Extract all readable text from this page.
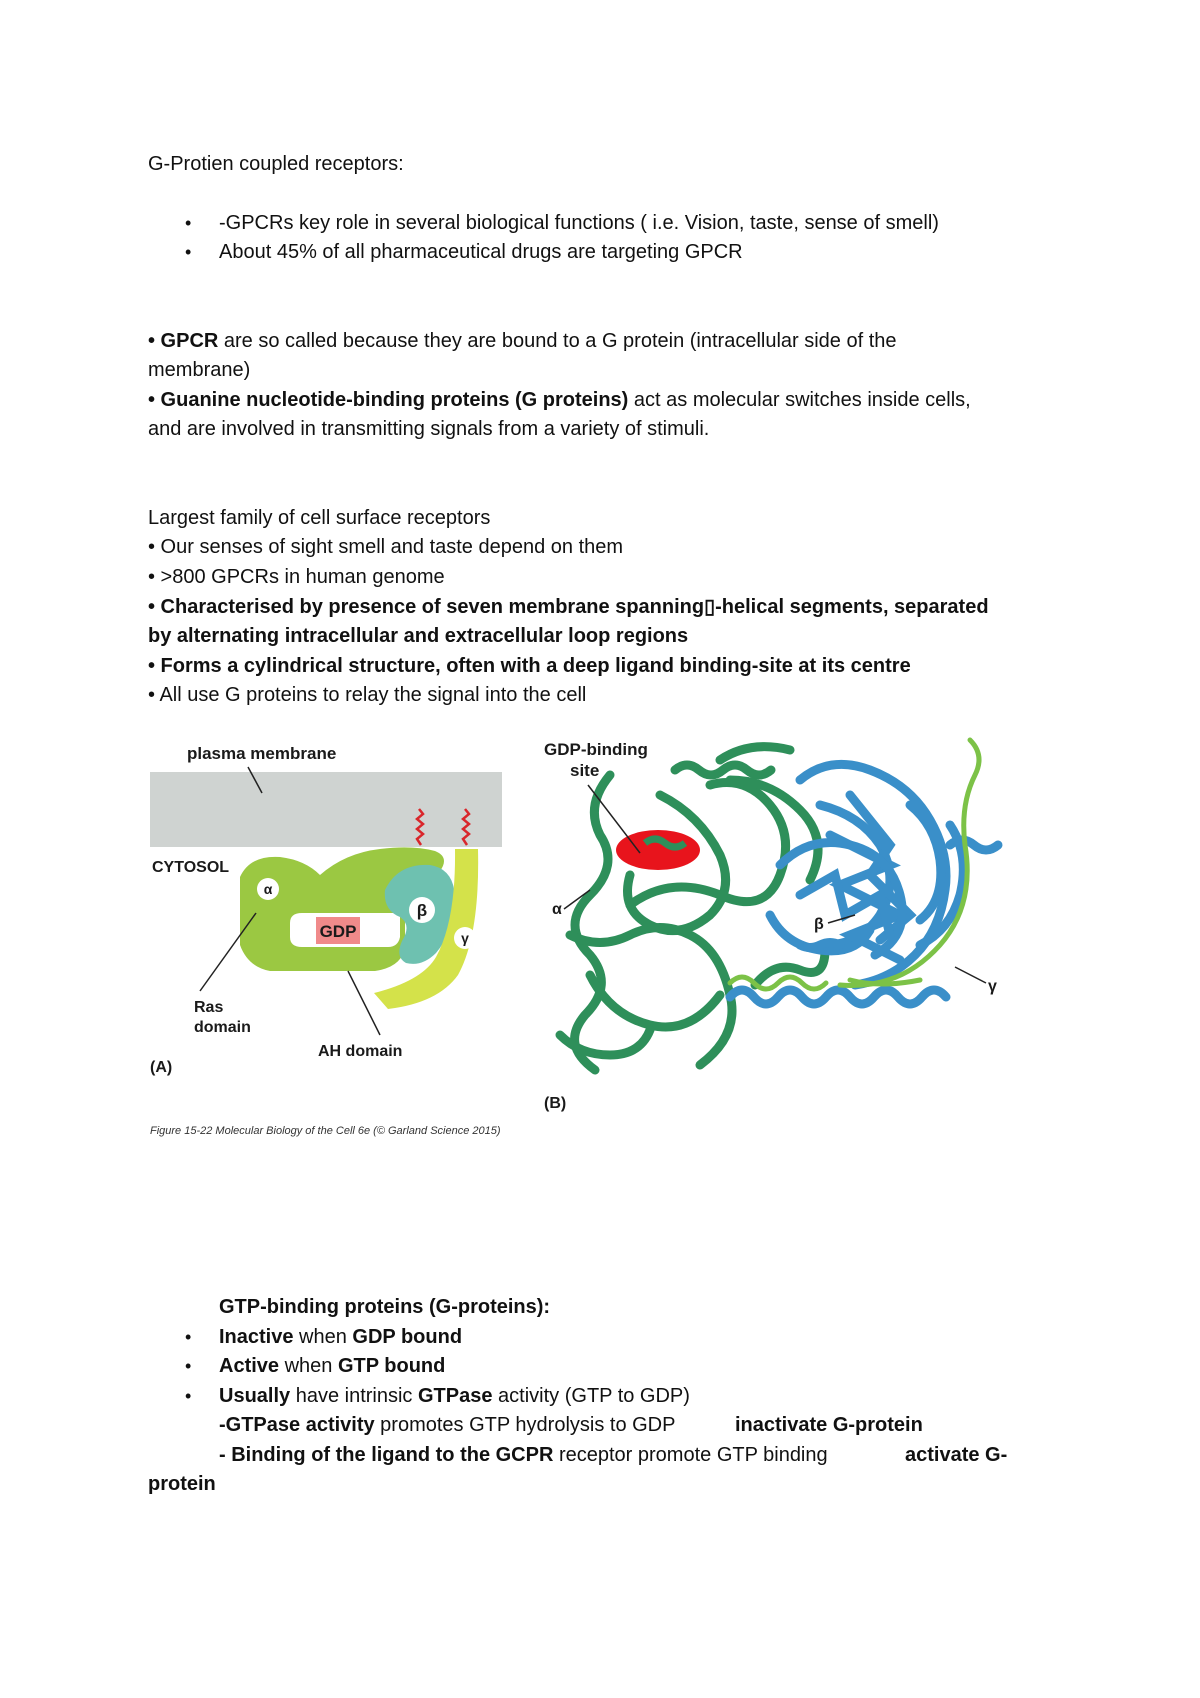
G-Protien coupled receptors:
• -GPCRs key role in several biological functions ( i.e. Vision, taste, sense of smell)
• About 45% of all pharmaceutical drugs are targeting GPCR
• GPCR are so called because they are bound to a G protein (intracellular side of the
membrane)
• Guanine nucleotide-binding proteins (G proteins) act as molecular switches inside cells,
and are involved in transmitting signals from a variety of stimuli.
Largest family of cell surface receptors
• Our senses of sight smell and taste depend on them
• >800 GPCRs in human genome
• Characterised by presence of seven membrane spanning▯-helical segments, separated
by alternating intracellular and extracellular loop regions
• Forms a cylindrical structure, often with a deep ligand binding-site at its centre
• All use G proteins to relay the signal into the cell
plasma membrane
CYTOSOL
GDP
α
β
γ
Ras
domain
AH domain
(A)
GDP-binding
site
α
β
γ
(B)
Figure 15-22 Molecular Biology of the Cell 6e (© Garland Science 2015)
GTP-binding proteins (G-proteins):
• Inactive when GDP bound
• Active when GTP bound
• Usually have intrinsic GTPase activity (GTP to GDP)
-GTPase activity promotes GTP hydrolysis to GDP	inactivate G-protein
- Binding of the ligand to the GCPR receptor promote GTP binding	activate G-
protein
